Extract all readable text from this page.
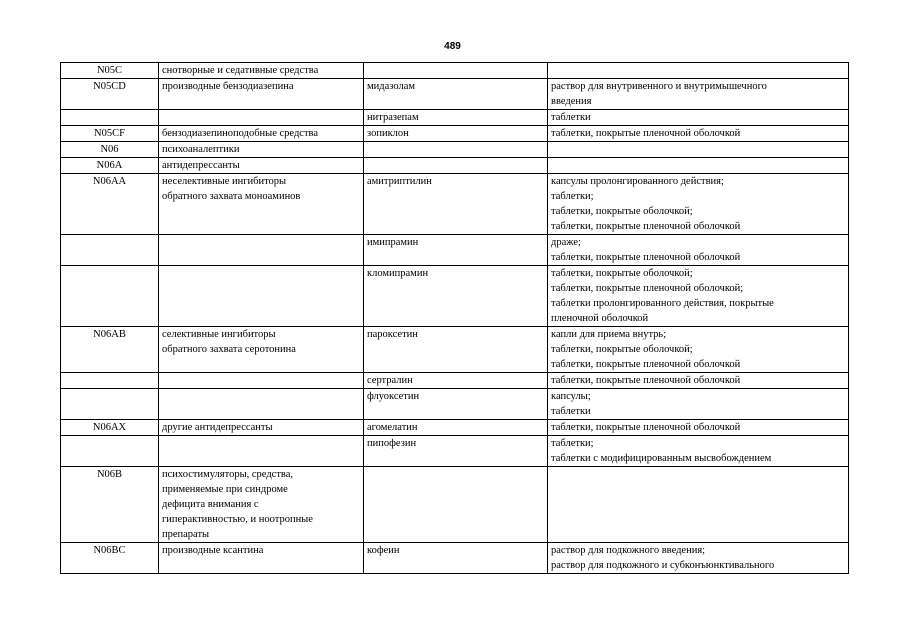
489
N05C	снотворные и седативные средства		

N05CD	производные бензодиазепина	мидазолам	раствор для внутривенного и внутримышечного
введения

		нитразепам	таблетки

N05CF	бензодиазепиноподобные средства	зопиклон	таблетки, покрытые пленочной оболочкой

N06	психоаналептики		

N06A	антидепрессанты		

N06AA	неселективные ингибиторы
обратного захвата моноаминов	амитриптилин	капсулы пролонгированного действия;
таблетки;
таблетки, покрытые оболочкой;
таблетки, покрытые пленочной оболочкой

		имипрамин	драже;
таблетки, покрытые пленочной оболочкой

		кломипрамин	таблетки, покрытые оболочкой;
таблетки, покрытые пленочной оболочкой;
таблетки пролонгированного действия, покрытые
пленочной оболочкой

N06AB	селективные ингибиторы
обратного захвата серотонина	пароксетин	капли для приема внутрь;
таблетки, покрытые оболочкой;
таблетки, покрытые пленочной оболочкой

		сертралин	таблетки, покрытые пленочной оболочкой

		флуоксетин	капсулы;
таблетки

N06AX	другие антидепрессанты	агомелатин	таблетки, покрытые пленочной оболочкой

		пипофезин	таблетки;
таблетки с модифицированным высвобождением

N06B	психостимуляторы, средства,
применяемые при синдроме
дефицита внимания с
гиперактивностью, и ноотропные
препараты		

N06BC	производные ксантина	кофеин	раствор для подкожного введения;
раствор для подкожного и субконъюнктивального
